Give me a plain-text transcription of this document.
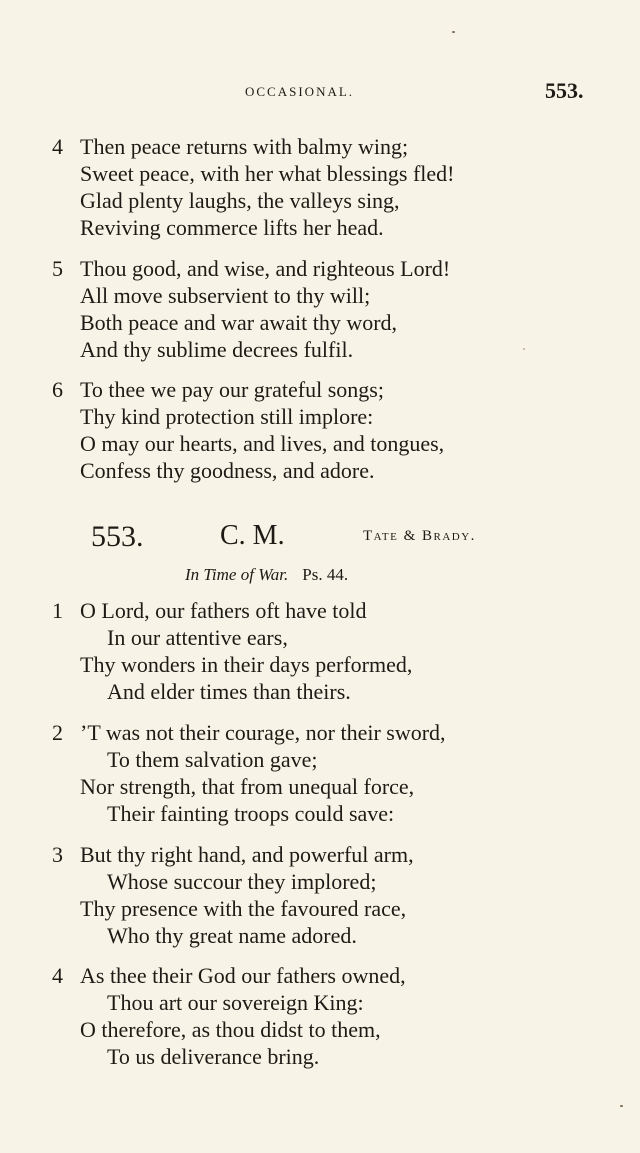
OCCASIONAL.	553.
4 Then peace returns with balmy wing;
Sweet peace, with her what blessings fled!
Glad plenty laughs, the valleys sing,
Reviving commerce lifts her head.
5 Thou good, and wise, and righteous Lord!
All move subservient to thy will;
Both peace and war await thy word,
And thy sublime decrees fulfil.
6 To thee we pay our grateful songs;
Thy kind protection still implore:
O may our hearts, and lives, and tongues,
Confess thy goodness, and adore.
553.	C. M.	Tate & Brady.
In Time of War. Ps. 44.
1 O Lord, our fathers oft have told
In our attentive ears,
Thy wonders in their days performed,
And elder times than theirs.
2 ’T was not their courage, nor their sword,
To them salvation gave;
Nor strength, that from unequal force,
Their fainting troops could save:
3 But thy right hand, and powerful arm,
Whose succour they implored;
Thy presence with the favoured race,
Who thy great name adored.
4 As thee their God our fathers owned,
Thou art our sovereign King:
O therefore, as thou didst to them,
To us deliverance bring.
